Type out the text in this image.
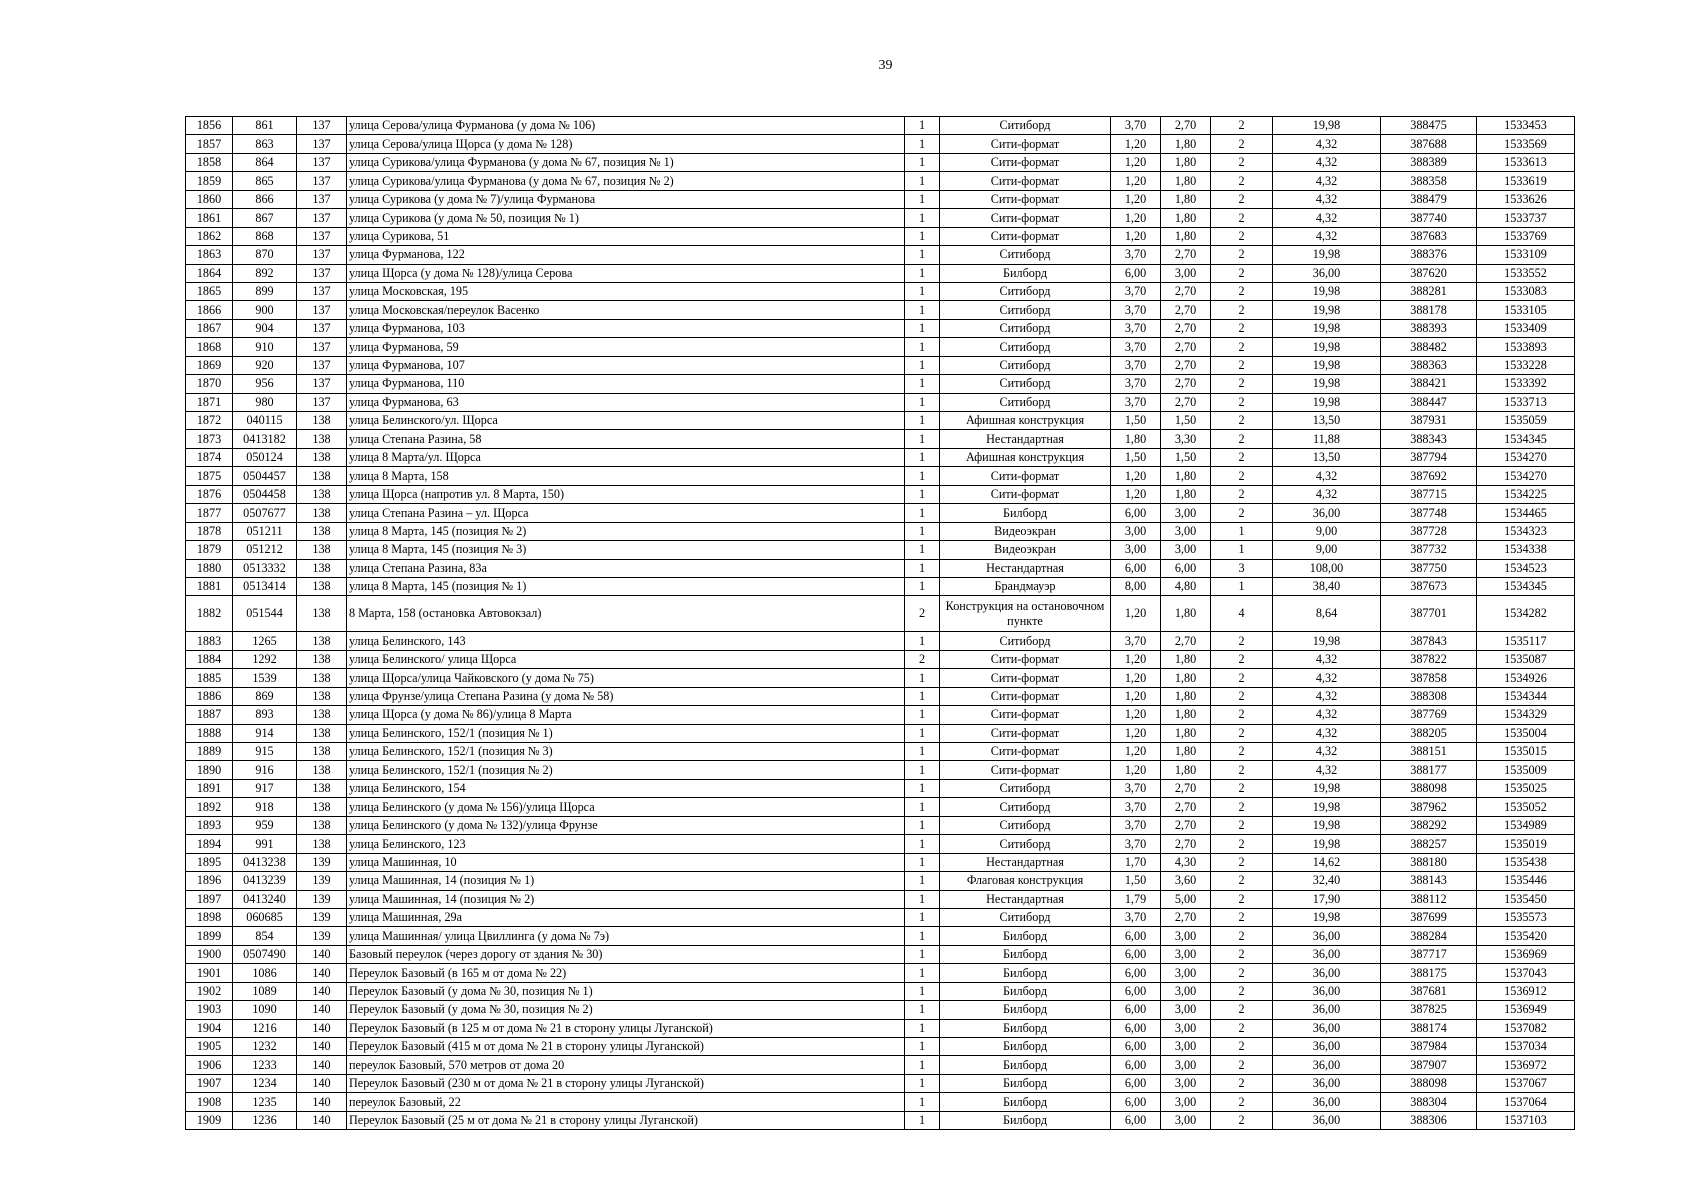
39
1856	861	137	улица Серова/улица Фурманова (у дома № 106)	1	Ситиборд	3,70	2,70	2	19,98	388475	1533453
1857	863	137	улица Серова/улица Щорса (у дома № 128)	1	Сити-формат	1,20	1,80	2	4,32	387688	1533569
1858	864	137	улица Сурикова/улица Фурманова (у дома № 67, позиция № 1)	1	Сити-формат	1,20	1,80	2	4,32	388389	1533613
1859	865	137	улица Сурикова/улица Фурманова (у дома № 67, позиция № 2)	1	Сити-формат	1,20	1,80	2	4,32	388358	1533619
1860	866	137	улица Сурикова (у дома № 7)/улица Фурманова	1	Сити-формат	1,20	1,80	2	4,32	388479	1533626
1861	867	137	улица Сурикова (у дома № 50, позиция № 1)	1	Сити-формат	1,20	1,80	2	4,32	387740	1533737
1862	868	137	улица Сурикова, 51	1	Сити-формат	1,20	1,80	2	4,32	387683	1533769
1863	870	137	улица Фурманова, 122	1	Ситиборд	3,70	2,70	2	19,98	388376	1533109
1864	892	137	улица Щорса (у дома № 128)/улица Серова	1	Билборд	6,00	3,00	2	36,00	387620	1533552
1865	899	137	улица Московская, 195	1	Ситиборд	3,70	2,70	2	19,98	388281	1533083
1866	900	137	улица Московская/переулок Васенко	1	Ситиборд	3,70	2,70	2	19,98	388178	1533105
1867	904	137	улица Фурманова, 103	1	Ситиборд	3,70	2,70	2	19,98	388393	1533409
1868	910	137	улица Фурманова, 59	1	Ситиборд	3,70	2,70	2	19,98	388482	1533893
1869	920	137	улица Фурманова, 107	1	Ситиборд	3,70	2,70	2	19,98	388363	1533228
1870	956	137	улица Фурманова, 110	1	Ситиборд	3,70	2,70	2	19,98	388421	1533392
1871	980	137	улица Фурманова, 63	1	Ситиборд	3,70	2,70	2	19,98	388447	1533713
1872	040115	138	улица Белинского/ул. Щорса	1	Афишная конструкция	1,50	1,50	2	13,50	387931	1535059
1873	0413182	138	улица Степана Разина, 58	1	Нестандартная	1,80	3,30	2	11,88	388343	1534345
1874	050124	138	улица 8 Марта/ул. Щорса	1	Афишная конструкция	1,50	1,50	2	13,50	387794	1534270
1875	0504457	138	улица 8 Марта, 158	1	Сити-формат	1,20	1,80	2	4,32	387692	1534270
1876	0504458	138	улица Щорса (напротив ул. 8 Марта, 150)	1	Сити-формат	1,20	1,80	2	4,32	387715	1534225
1877	0507677	138	улица Степана Разина – ул. Щорса	1	Билборд	6,00	3,00	2	36,00	387748	1534465
1878	051211	138	улица 8 Марта, 145 (позиция № 2)	1	Видеоэкран	3,00	3,00	1	9,00	387728	1534323
1879	051212	138	улица 8 Марта, 145 (позиция № 3)	1	Видеоэкран	3,00	3,00	1	9,00	387732	1534338
1880	0513332	138	улица Степана Разина, 83а	1	Нестандартная	6,00	6,00	3	108,00	387750	1534523
1881	0513414	138	улица 8 Марта, 145 (позиция № 1)	1	Брандмауэр	8,00	4,80	1	38,40	387673	1534345
1882	051544	138	8 Марта, 158 (остановка Автовокзал)	2	Конструкция на остановочном пункте	1,20	1,80	4	8,64	387701	1534282
1883	1265	138	улица Белинского, 143	1	Ситиборд	3,70	2,70	2	19,98	387843	1535117
1884	1292	138	улица Белинского/ улица Щорса	2	Сити-формат	1,20	1,80	2	4,32	387822	1535087
1885	1539	138	улица Щорса/улица Чайковского (у дома № 75)	1	Сити-формат	1,20	1,80	2	4,32	387858	1534926
1886	869	138	улица Фрунзе/улица Степана Разина (у дома № 58)	1	Сити-формат	1,20	1,80	2	4,32	388308	1534344
1887	893	138	улица Щорса (у дома № 86)/улица 8 Марта	1	Сити-формат	1,20	1,80	2	4,32	387769	1534329
1888	914	138	улица Белинского, 152/1 (позиция № 1)	1	Сити-формат	1,20	1,80	2	4,32	388205	1535004
1889	915	138	улица Белинского, 152/1 (позиция № 3)	1	Сити-формат	1,20	1,80	2	4,32	388151	1535015
1890	916	138	улица Белинского, 152/1 (позиция № 2)	1	Сити-формат	1,20	1,80	2	4,32	388177	1535009
1891	917	138	улица Белинского, 154	1	Ситиборд	3,70	2,70	2	19,98	388098	1535025
1892	918	138	улица Белинского (у дома № 156)/улица Щорса	1	Ситиборд	3,70	2,70	2	19,98	387962	1535052
1893	959	138	улица Белинского (у дома № 132)/улица Фрунзе	1	Ситиборд	3,70	2,70	2	19,98	388292	1534989
1894	991	138	улица Белинского, 123	1	Ситиборд	3,70	2,70	2	19,98	388257	1535019
1895	0413238	139	улица Машинная, 10	1	Нестандартная	1,70	4,30	2	14,62	388180	1535438
1896	0413239	139	улица Машинная, 14 (позиция № 1)	1	Флаговая конструкция	1,50	3,60	2	32,40	388143	1535446
1897	0413240	139	улица Машинная, 14 (позиция № 2)	1	Нестандартная	1,79	5,00	2	17,90	388112	1535450
1898	060685	139	улица Машинная, 29а	1	Ситиборд	3,70	2,70	2	19,98	387699	1535573
1899	854	139	улица Машинная/ улица Цвиллинга (у дома № 7э)	1	Билборд	6,00	3,00	2	36,00	388284	1535420
1900	0507490	140	Базовый переулок (через дорогу от здания № 30)	1	Билборд	6,00	3,00	2	36,00	387717	1536969
1901	1086	140	Переулок Базовый (в 165 м от дома № 22)	1	Билборд	6,00	3,00	2	36,00	388175	1537043
1902	1089	140	Переулок Базовый (у дома № 30, позиция № 1)	1	Билборд	6,00	3,00	2	36,00	387681	1536912
1903	1090	140	Переулок Базовый (у дома № 30, позиция № 2)	1	Билборд	6,00	3,00	2	36,00	387825	1536949
1904	1216	140	Переулок Базовый (в 125 м от дома № 21 в сторону улицы Луганской)	1	Билборд	6,00	3,00	2	36,00	388174	1537082
1905	1232	140	Переулок Базовый (415 м от дома № 21 в сторону улицы Луганской)	1	Билборд	6,00	3,00	2	36,00	387984	1537034
1906	1233	140	переулок Базовый, 570 метров от дома 20	1	Билборд	6,00	3,00	2	36,00	387907	1536972
1907	1234	140	Переулок Базовый (230 м от дома № 21 в сторону улицы Луганской)	1	Билборд	6,00	3,00	2	36,00	388098	1537067
1908	1235	140	переулок Базовый, 22	1	Билборд	6,00	3,00	2	36,00	388304	1537064
1909	1236	140	Переулок Базовый (25 м от дома № 21 в сторону улицы Луганской)	1	Билборд	6,00	3,00	2	36,00	388306	1537103
